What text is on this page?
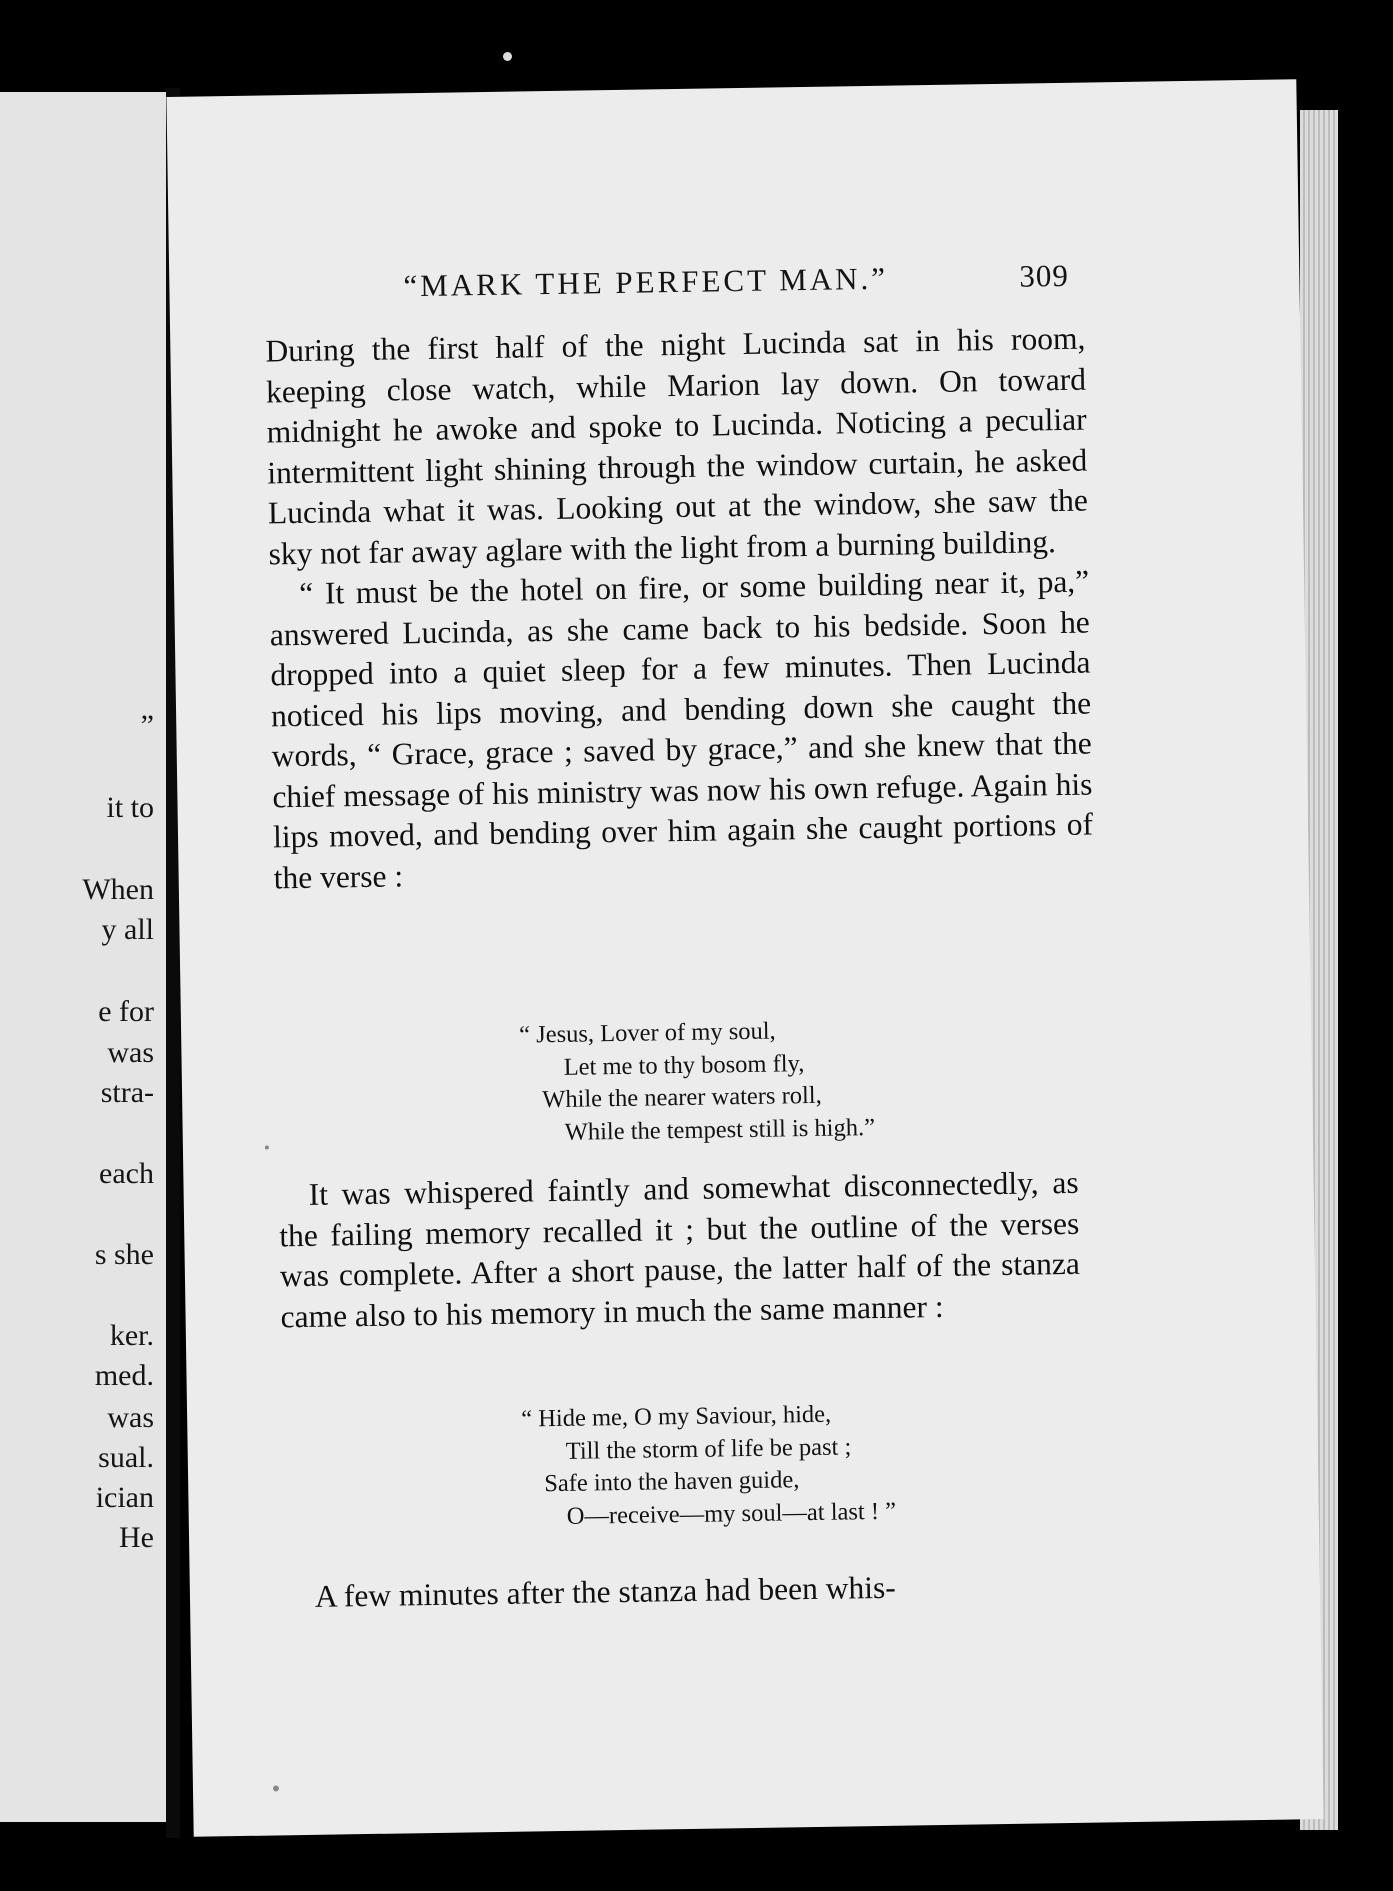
”
it to
When
y all
e for
was
stra-
each
s she
ker.
med.
was
sual.
ician
He
“MARK THE PERFECT MAN.”	309

During the first half of the night Lucinda sat in his room, keeping close watch, while Marion lay down. On toward midnight he awoke and spoke to Lucinda. Noticing a peculiar intermittent light shining through the window curtain, he asked Lucinda what it was. Looking out at the window, she saw the sky not far away aglare with the light from a burning building.

“ It must be the hotel on fire, or some building near it, pa,” answered Lucinda, as she came back to his bedside. Soon he dropped into a quiet sleep for a few minutes. Then Lucinda noticed his lips moving, and bending down she caught the words, “ Grace, grace ; saved by grace,” and she knew that the chief message of his ministry was now his own refuge. Again his lips moved, and bending over him again she caught portions of the verse :

“ Jesus, Lover of my soul,
Let me to thy bosom fly,
While the nearer waters roll,
While the tempest still is high.”

It was whispered faintly and somewhat disconnectedly, as the failing memory recalled it ; but the outline of the verses was complete. After a short pause, the latter half of the stanza came also to his memory in much the same manner :

“ Hide me, O my Saviour, hide,
Till the storm of life be past ;
Safe into the haven guide,
O—receive—my soul—at last ! ”

A few minutes after the stanza had been whis-
